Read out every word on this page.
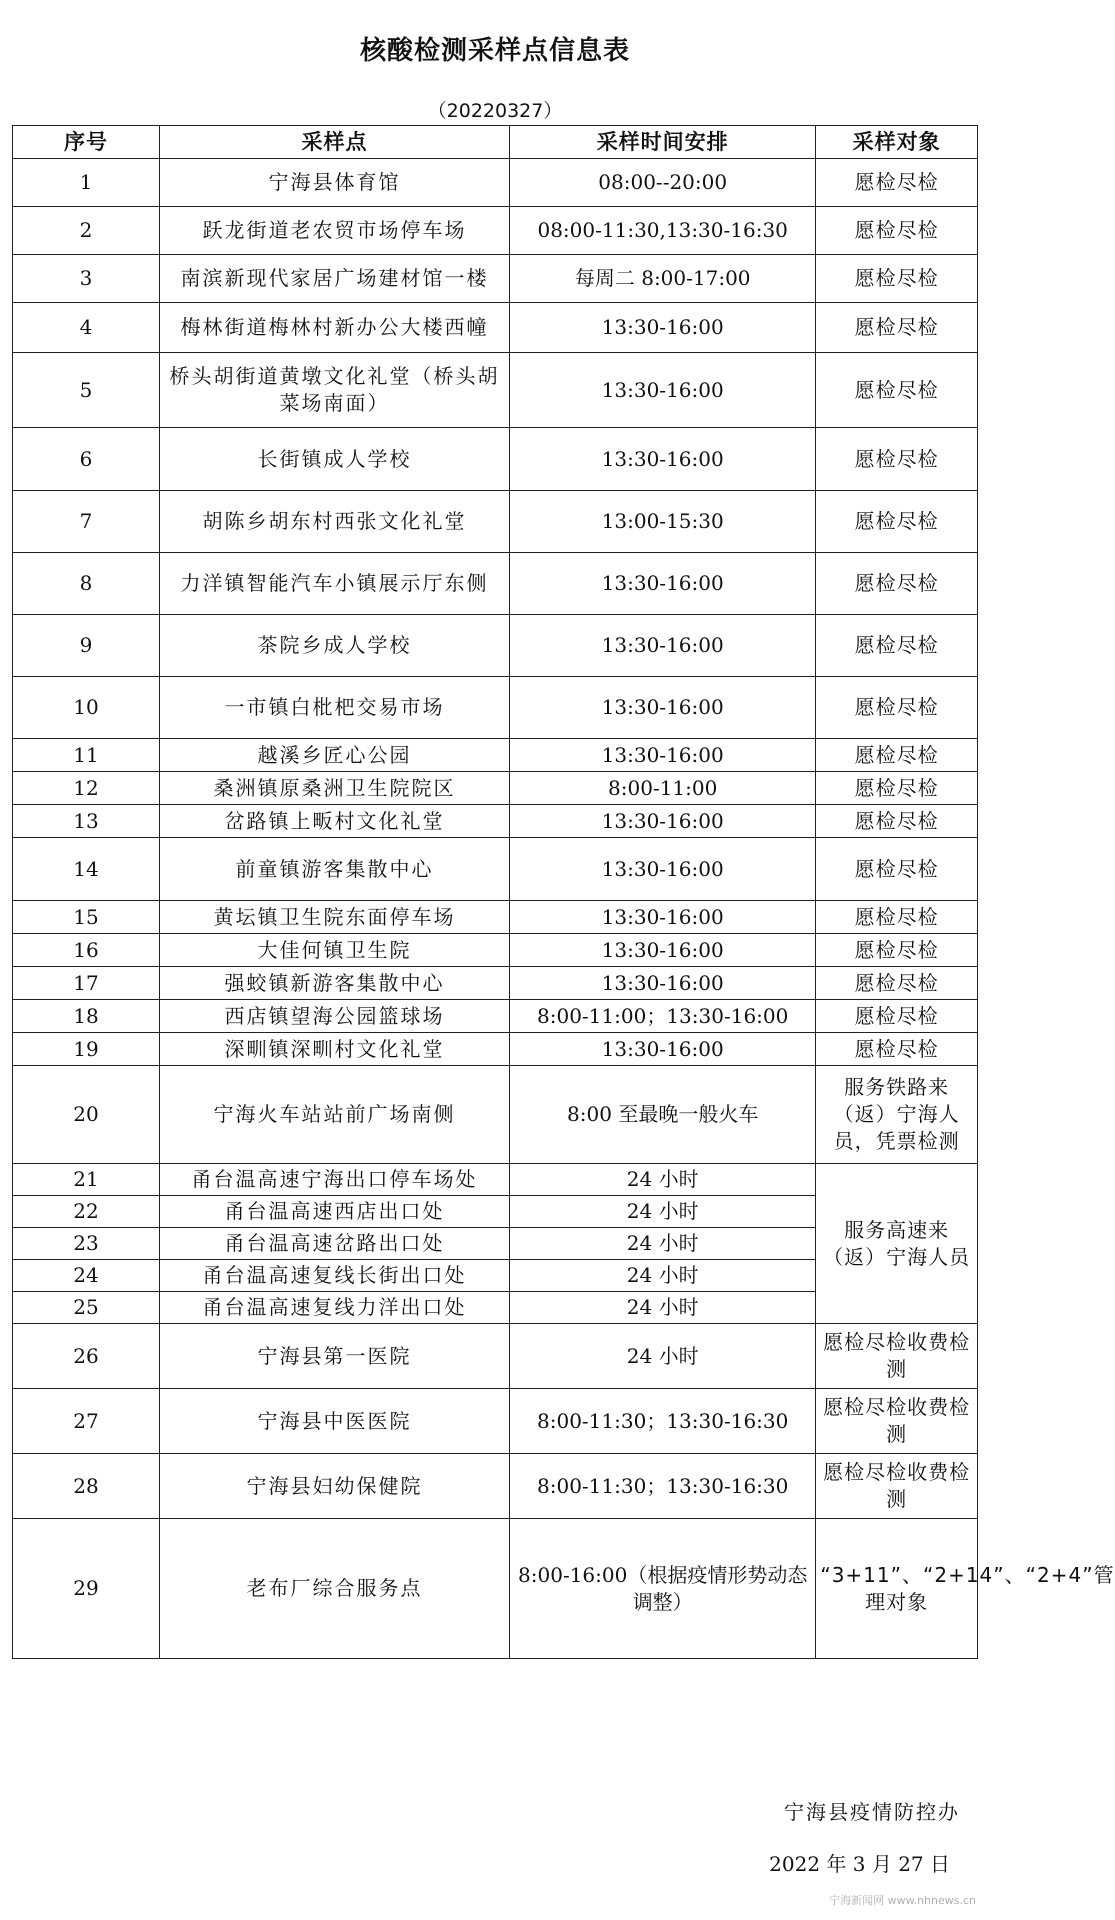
核酸检测采样点信息表
（20220327）
序号	采样点	采样时间安排	采样对象
1	宁海县体育馆	08:00--20:00	愿检尽检
2	跃龙街道老农贸市场停车场	08:00-11:30,13:30-16:30	愿检尽检
3	南滨新现代家居广场建材馆一楼	每周二 8:00-17:00	愿检尽检
4	梅林街道梅林村新办公大楼西幢	13:30-16:00	愿检尽检
5	桥头胡街道黄墩文化礼堂（桥头胡菜场南面）	13:30-16:00	愿检尽检
6	长街镇成人学校	13:30-16:00	愿检尽检
7	胡陈乡胡东村西张文化礼堂	13:00-15:30	愿检尽检
8	力洋镇智能汽车小镇展示厅东侧	13:30-16:00	愿检尽检
9	茶院乡成人学校	13:30-16:00	愿检尽检
10	一市镇白枇杷交易市场	13:30-16:00	愿检尽检
11	越溪乡匠心公园	13:30-16:00	愿检尽检
12	桑洲镇原桑洲卫生院院区	8:00-11:00	愿检尽检
13	岔路镇上畈村文化礼堂	13:30-16:00	愿检尽检
14	前童镇游客集散中心	13:30-16:00	愿检尽检
15	黄坛镇卫生院东面停车场	13:30-16:00	愿检尽检
16	大佳何镇卫生院	13:30-16:00	愿检尽检
17	强蛟镇新游客集散中心	13:30-16:00	愿检尽检
18	西店镇望海公园篮球场	8:00-11:00；13:30-16:00	愿检尽检
19	深甽镇深甽村文化礼堂	13:30-16:00	愿检尽检
20	宁海火车站站前广场南侧	8:00 至最晚一般火车	服务铁路来（返）宁海人员，凭票检测
21	甬台温高速宁海出口停车场处	24 小时	服务高速来（返）宁海人员
22	甬台温高速西店出口处	24 小时	
23	甬台温高速岔路出口处	24 小时	
24	甬台温高速复线长街出口处	24 小时	
25	甬台温高速复线力洋出口处	24 小时	
26	宁海县第一医院	24 小时	愿检尽检收费检测
27	宁海县中医医院	8:00-11:30；13:30-16:30	愿检尽检收费检测
28	宁海县妇幼保健院	8:00-11:30；13:30-16:30	愿检尽检收费检测
29	老布厂综合服务点	8:00-16:00（根据疫情形势动态调整）	“3+11”、“2+14”、“2+4”管理对象
宁海县疫情防控办
2022 年 3 月 27 日
宁海新闻网 www.nhnews.cn
